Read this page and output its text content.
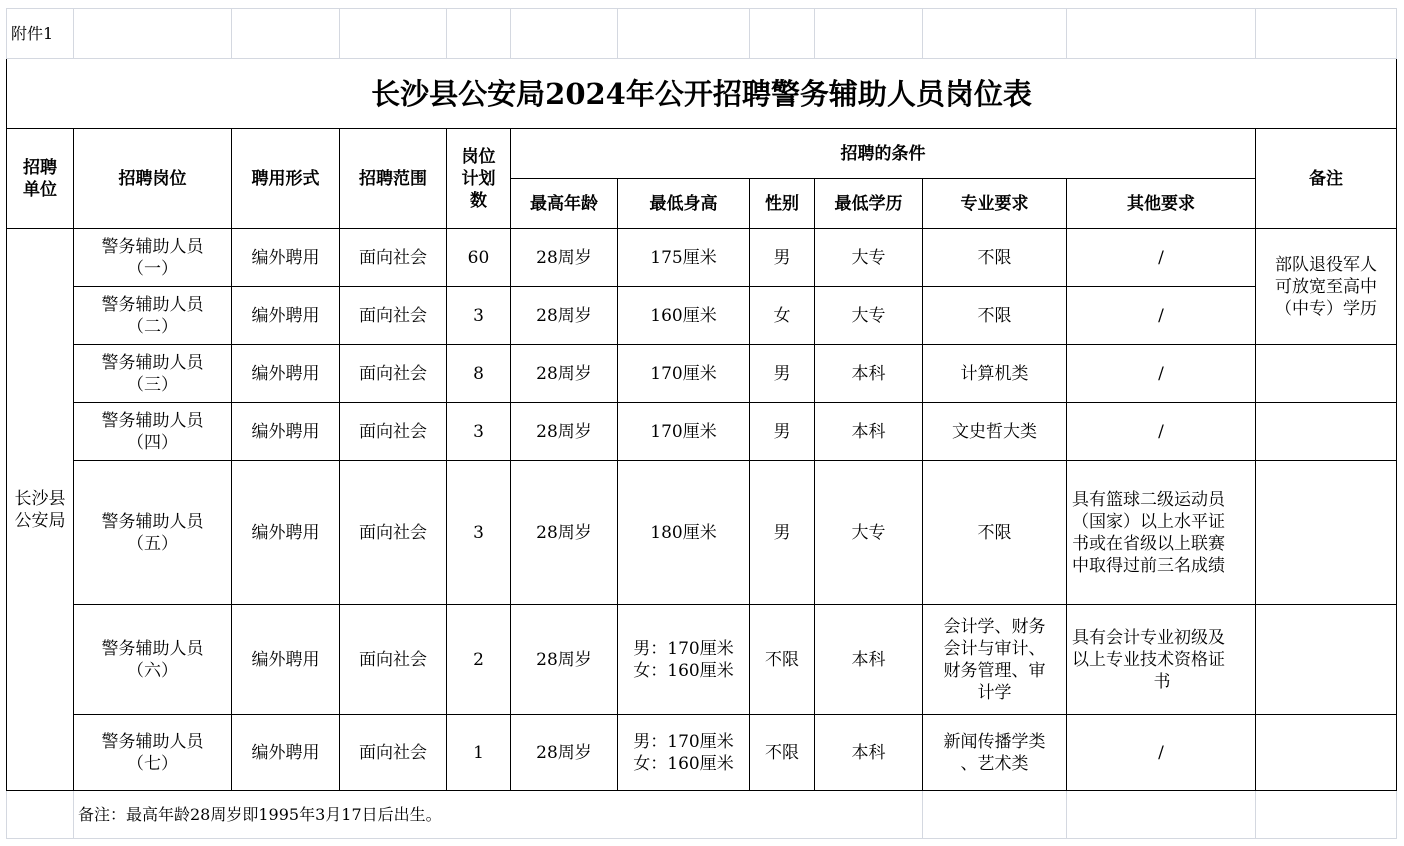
附件1											
长沙县公安局2024年公开招聘警务辅助人员岗位表											

招聘
单位	招聘岗位	聘用形式	招聘范围	岗位
计划
数	招聘的条件						备注
					最高年龄	最低身高	性别	最低学历	专业要求	其他要求	

长沙县
公安局	警务辅助人员
（一）	编外聘用	面向社会	60	28周岁	175厘米	男	大专	不限	/	部队退役军人
可放宽至高中
（中专）学历

	警务辅助人员
（二）	编外聘用	面向社会	3	28周岁	160厘米	女	大专	不限	/	

	警务辅助人员
（三）	编外聘用	面向社会	8	28周岁	170厘米	男	本科	计算机类	/	

	警务辅助人员
（四）	编外聘用	面向社会	3	28周岁	170厘米	男	本科	文史哲大类	/	

	警务辅助人员
（五）	编外聘用	面向社会	3	28周岁	180厘米	男	大专	不限	具有篮球二级运动员
（国家）以上水平证
书或在省级以上联赛
中取得过前三名成绩	

	警务辅助人员
（六）	编外聘用	面向社会	2	28周岁	男：170厘米
女：160厘米	不限	本科	会计学、财务
会计与审计、
财务管理、审
计学	具有会计专业初级及
以上专业技术资格证
书	

	警务辅助人员
（七）	编外聘用	面向社会	1	28周岁	男：170厘米
女：160厘米	不限	本科	新闻传播学类
、艺术类	/	

	备注：最高年龄28周岁即1995年3月17日后出生。										
